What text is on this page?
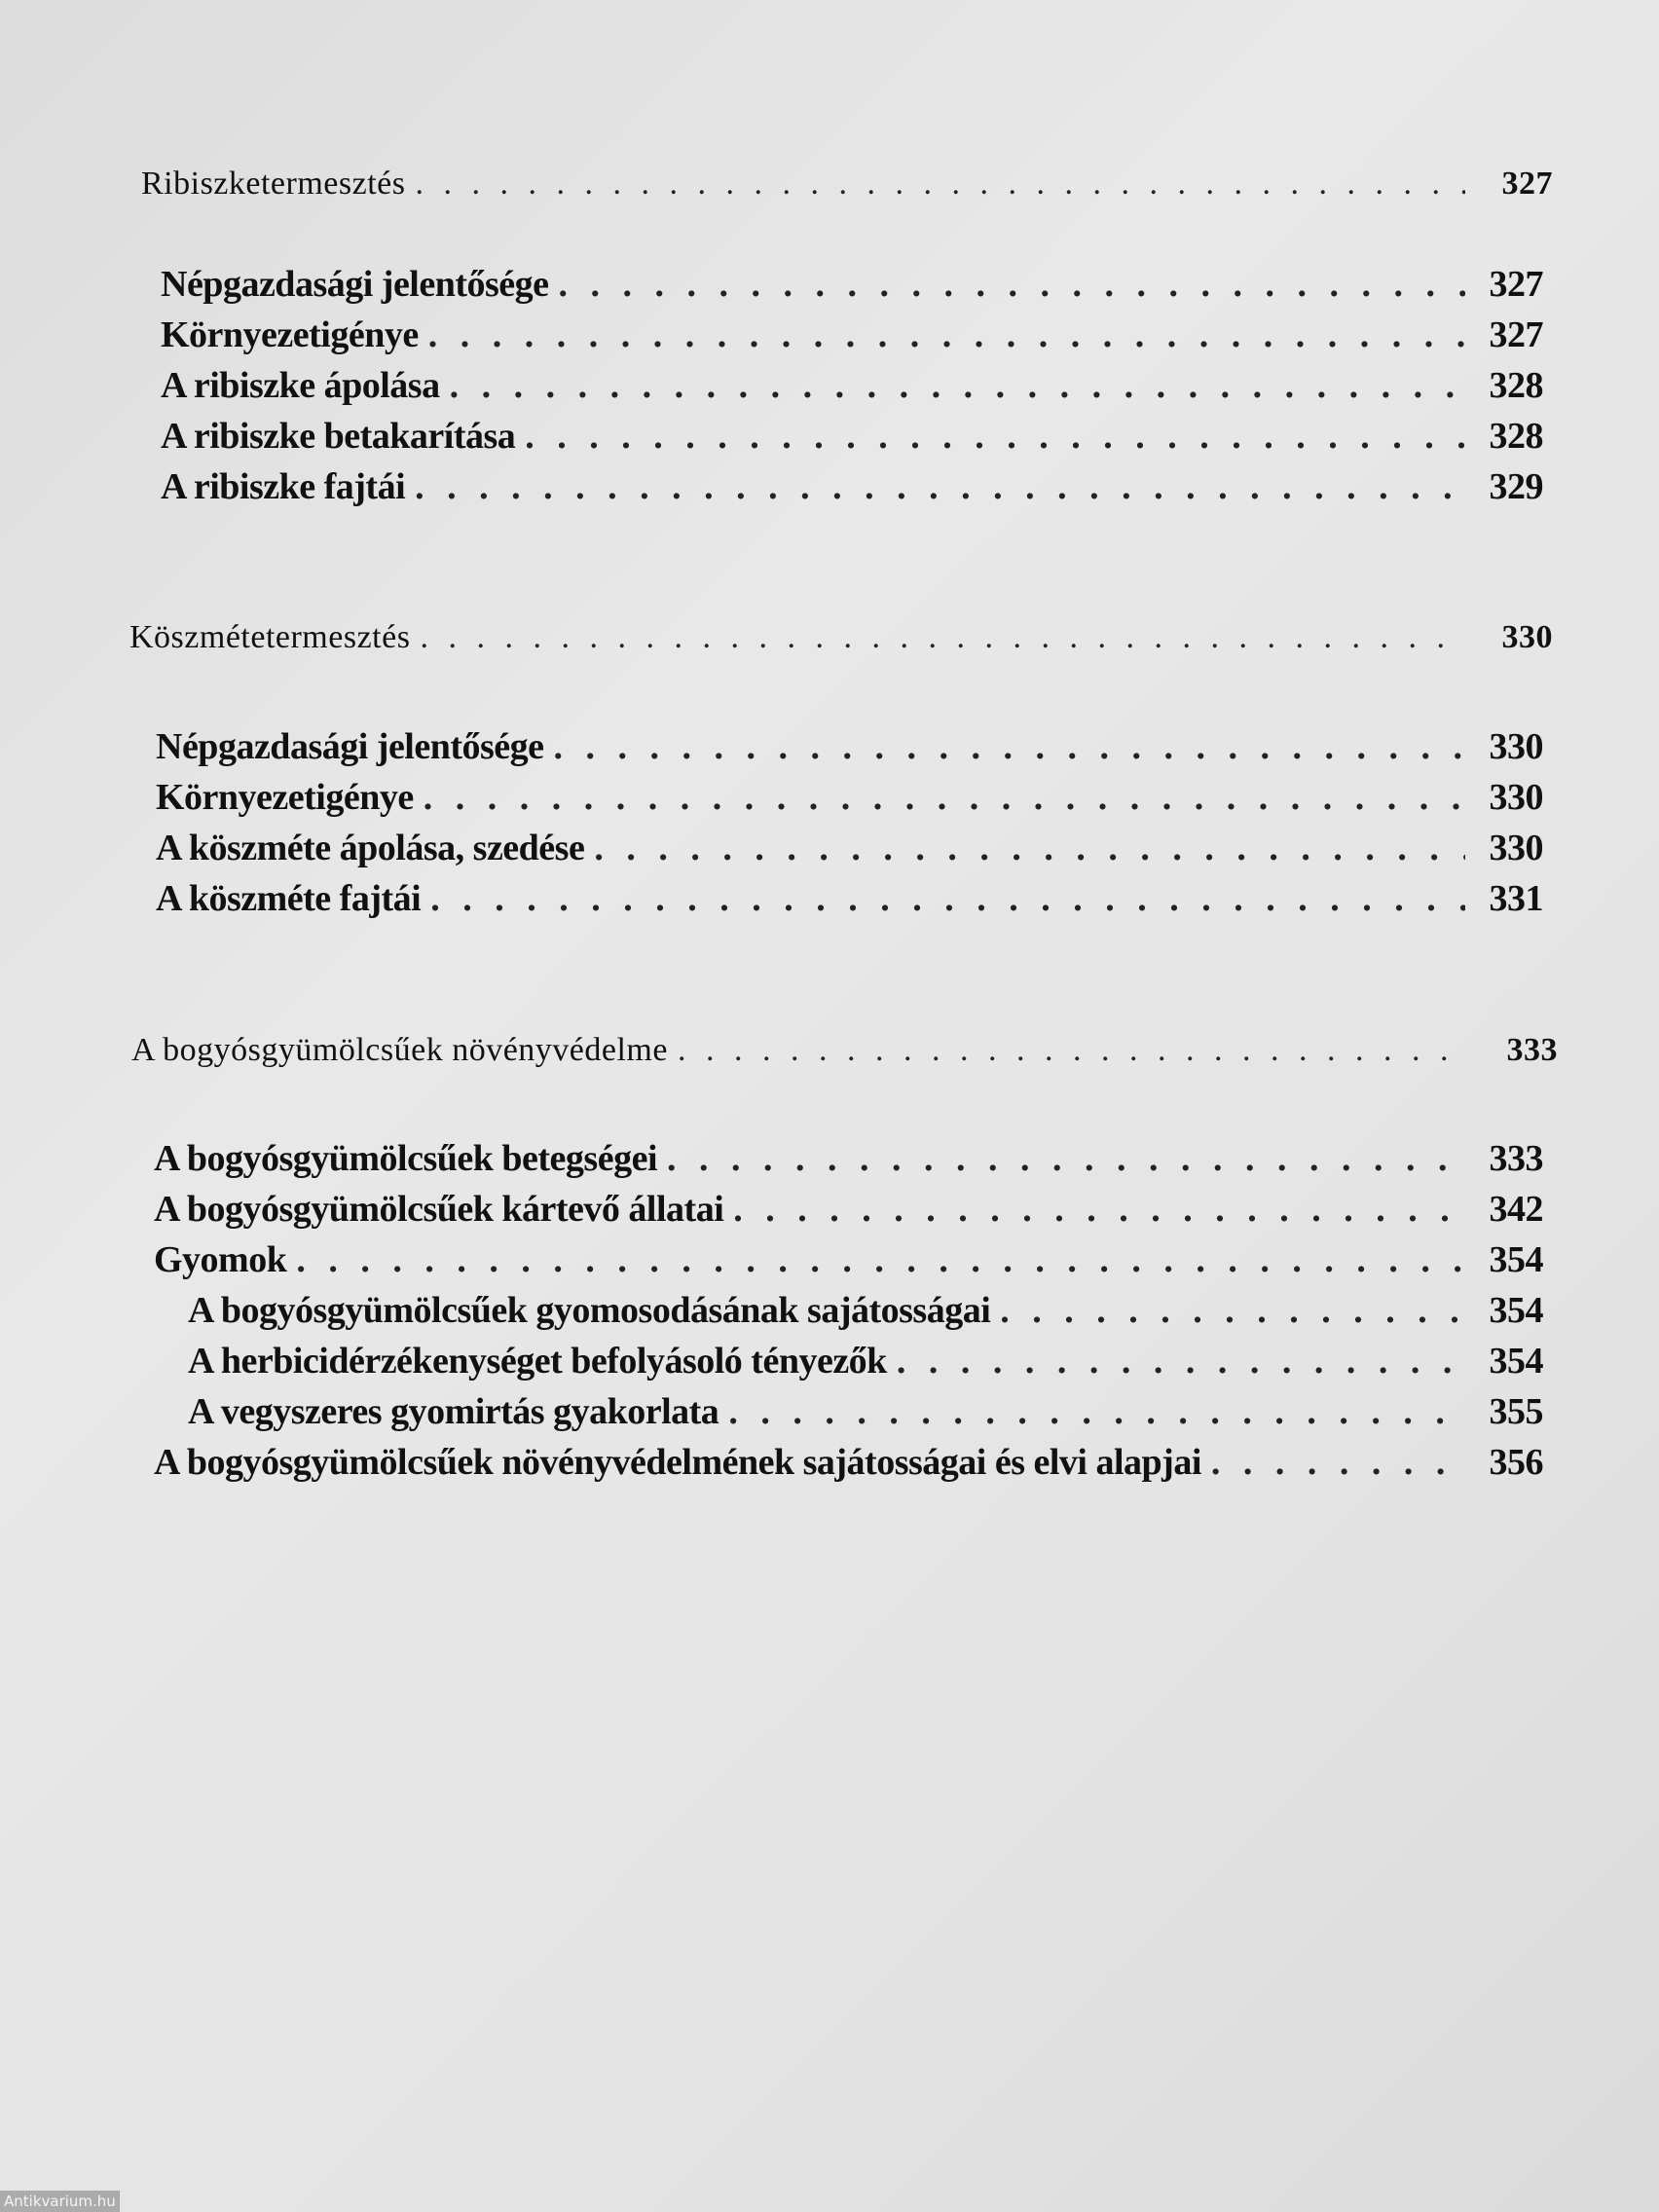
Ribiszketermesztés . . .	327
Népgazdasági jelentősége . . .	327
Környezetigénye . . .	327
A ribiszke ápolása . . .	328
A ribiszke betakarítása . . .	328
A ribiszke fajtái . . .	329
Köszmétetermesztés . . .	330
Népgazdasági jelentősége . . .	330
Környezetigénye . . .	330
A köszméte ápolása, szedése . . .	330
A köszméte fajtái . . .	331
A bogyósgyümölcsűek növényvédelme . . .	333
A bogyósgyümölcsűek betegségei . . .	333
A bogyósgyümölcsűek kártevő állatai . . .	342
Gyomok . . .	354
A bogyósgyümölcsűek gyomosodásának sajátosságai . . .	354
A herbicidérzékenységet befolyásoló tényezők . . .	354
A vegyszeres gyomirtás gyakorlata . . .	355
A bogyósgyümölcsűek növényvédelmének sajátosságai és elvi alapjai . . .	356
Antikvarium.hu
